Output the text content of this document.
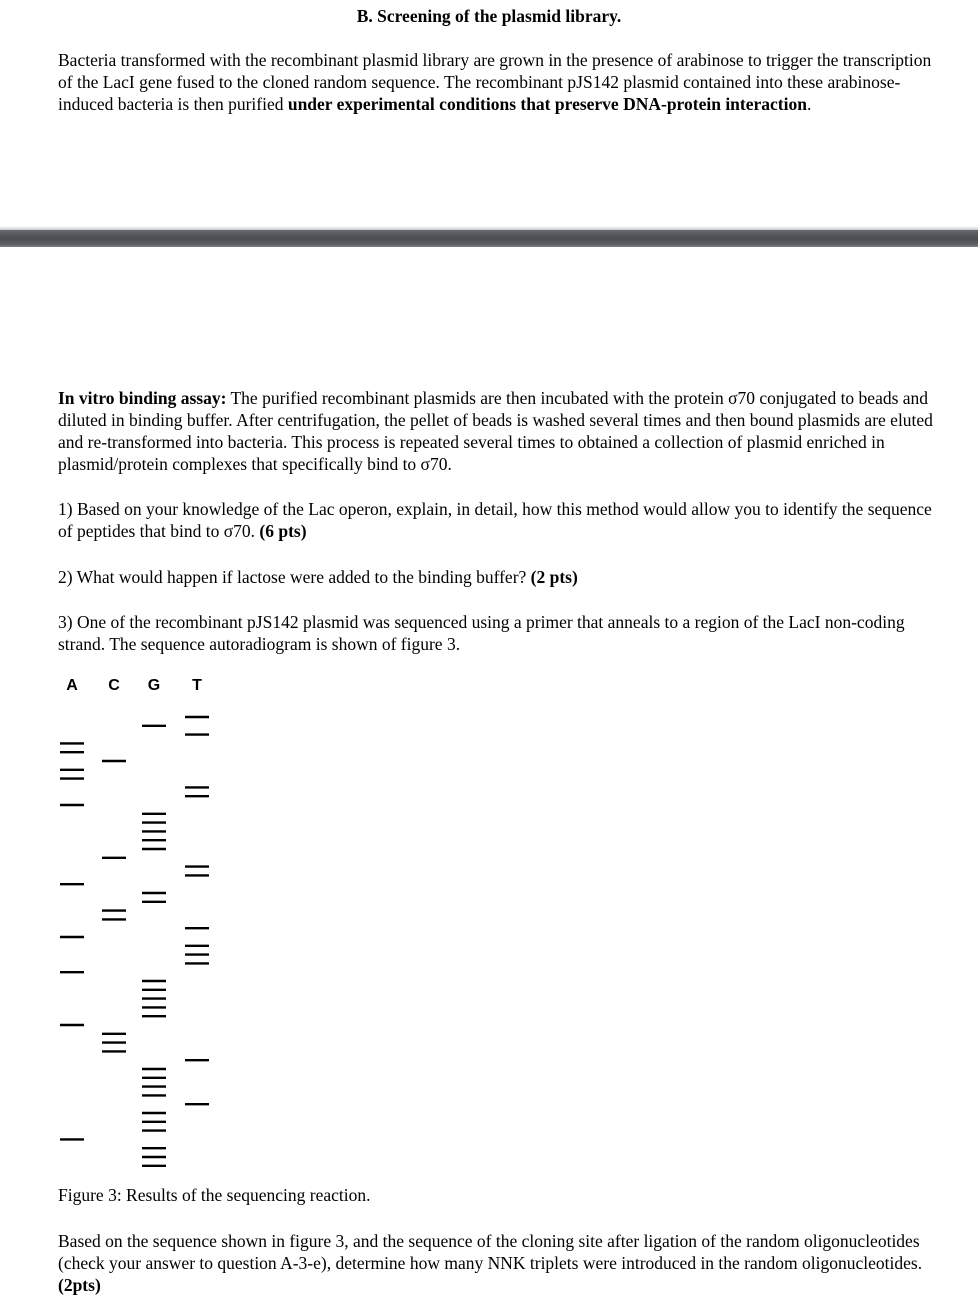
B. Screening of the plasmid library.

Bacteria transformed with the recombinant plasmid library are grown in the presence of arabinose to trigger the transcription of the LacI gene fused to the cloned random sequence. The recombinant pJS142 plasmid contained into these arabinose-induced bacteria is then purified under experimental conditions that preserve DNA-protein interaction.

In vitro binding assay: The purified recombinant plasmids are then incubated with the protein σ70 conjugated to beads and diluted in binding buffer. After centrifugation, the pellet of beads is washed several times and then bound plasmids are eluted and re-transformed into bacteria. This process is repeated several times to obtained a collection of plasmid enriched in plasmid/protein complexes that specifically bind to σ70.

1) Based on your knowledge of the Lac operon, explain, in detail, how this method would allow you to identify the sequence of peptides that bind to σ70. (6 pts)

2) What would happen if lactose were added to the binding buffer? (2 pts)

3) One of the recombinant pJS142 plasmid was sequenced using a primer that anneals to a region of the LacI non-coding strand. The sequence autoradiogram is shown of figure 3.

A C G	T

Figure 3: Results of the sequencing reaction.

Based on the sequence shown in figure 3, and the sequence of the cloning site after ligation of the random oligonucleotides (check your answer to question A-3-e), determine how many NNK triplets were introduced in the random oligonucleotides. (2pts)
